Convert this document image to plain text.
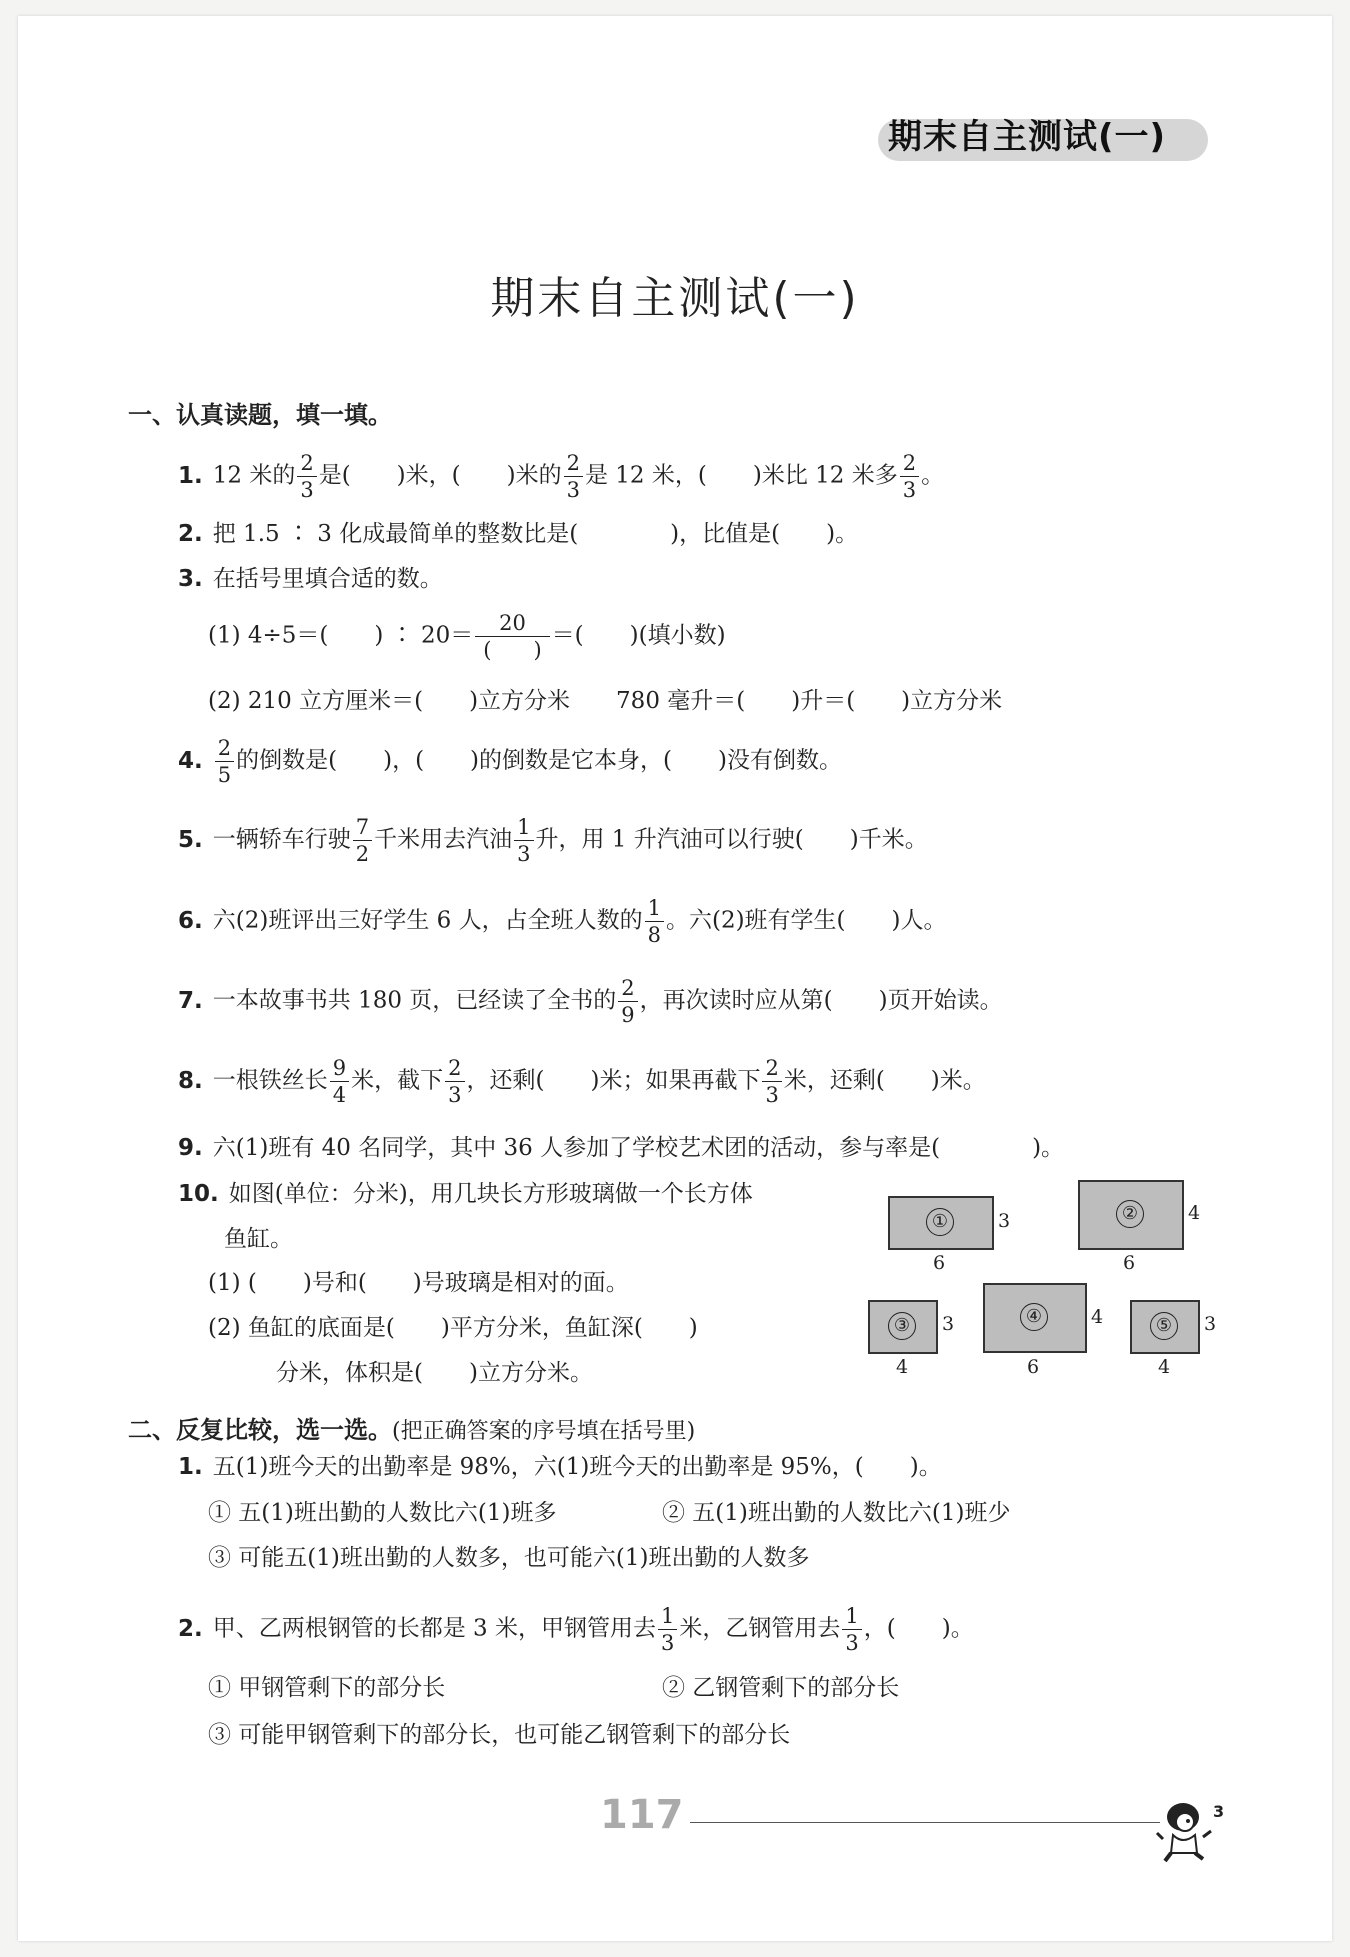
期末自主测试(一)
期末自主测试(一)
一、认真读题，填一填。
1. 12 米的 $\frac{2}{3}$ 是(　　)米，(　　)米的 $\frac{2}{3}$ 是 12 米，(　　)米比 12 米多 $\frac{2}{3}$ 。
2. 把 1.5 ∶ 3 化成最简单的整数比是(　　　　)，比值是(　　)。
3. 在括号里填合适的数。
(1) 4÷5＝(　　) ∶ $20= \frac{20}{( )}$ ＝(　　)(填小数)
(2) 210 立方厘米＝(　　)立方分米　　780 毫升＝(　　)升＝(　　)立方分米
4. $\frac{2}{5}$ 的倒数是(　　)，(　　)的倒数是它本身，(　　)没有倒数。
5. 一辆轿车行驶 $\frac{7}{2}$ 千米用去汽油 $\frac{1}{3}$ 升，用 1 升汽油可以行驶(　　)千米。
6. 六(2)班评出三好学生 6 人，占全班人数的 $\frac{1}{8}$ 。六(2)班有学生(　　)人。
7. 一本故事书共 180 页，已经读了全书的 $\frac{2}{9}$ ，再次读时应从第(　　)页开始读。
8. 一根铁丝长 $\frac{9}{4}$ 米，截下 $\frac{2}{3}$ ，还剩(　　)米；如果再截下 $\frac{2}{3}$ 米，还剩(　　)米。
9. 六(1)班有 40 名同学，其中 36 人参加了学校艺术团的活动，参与率是(　　　　)。
10. 如图(单位：分米)，用几块长方形玻璃做一个长方体
鱼缸。
(1) (　　)号和(　　)号玻璃是相对的面。
(2) 鱼缸的底面是(　　)平方分米，鱼缸深(　　)
分米，体积是(　　)立方分米。
①	3
6
②	4
6
③	3
4
④	4
6
⑤	3
4
二、反复比较，选一选。(把正确答案的序号填在括号里)
1. 五(1)班今天的出勤率是 98%，六(1)班今天的出勤率是 95%，(　　)。
① 五(1)班出勤的人数比六(1)班多	② 五(1)班出勤的人数比六(1)班少
③ 可能五(1)班出勤的人数多，也可能六(1)班出勤的人数多
2. 甲、乙两根钢管的长都是 3 米，甲钢管用去 $\frac{1}{3}$ 米，乙钢管用去 $\frac{1}{3}$ ，(　　)。
① 甲钢管剩下的部分长	② 乙钢管剩下的部分长
③ 可能甲钢管剩下的部分长，也可能乙钢管剩下的部分长
117	3
